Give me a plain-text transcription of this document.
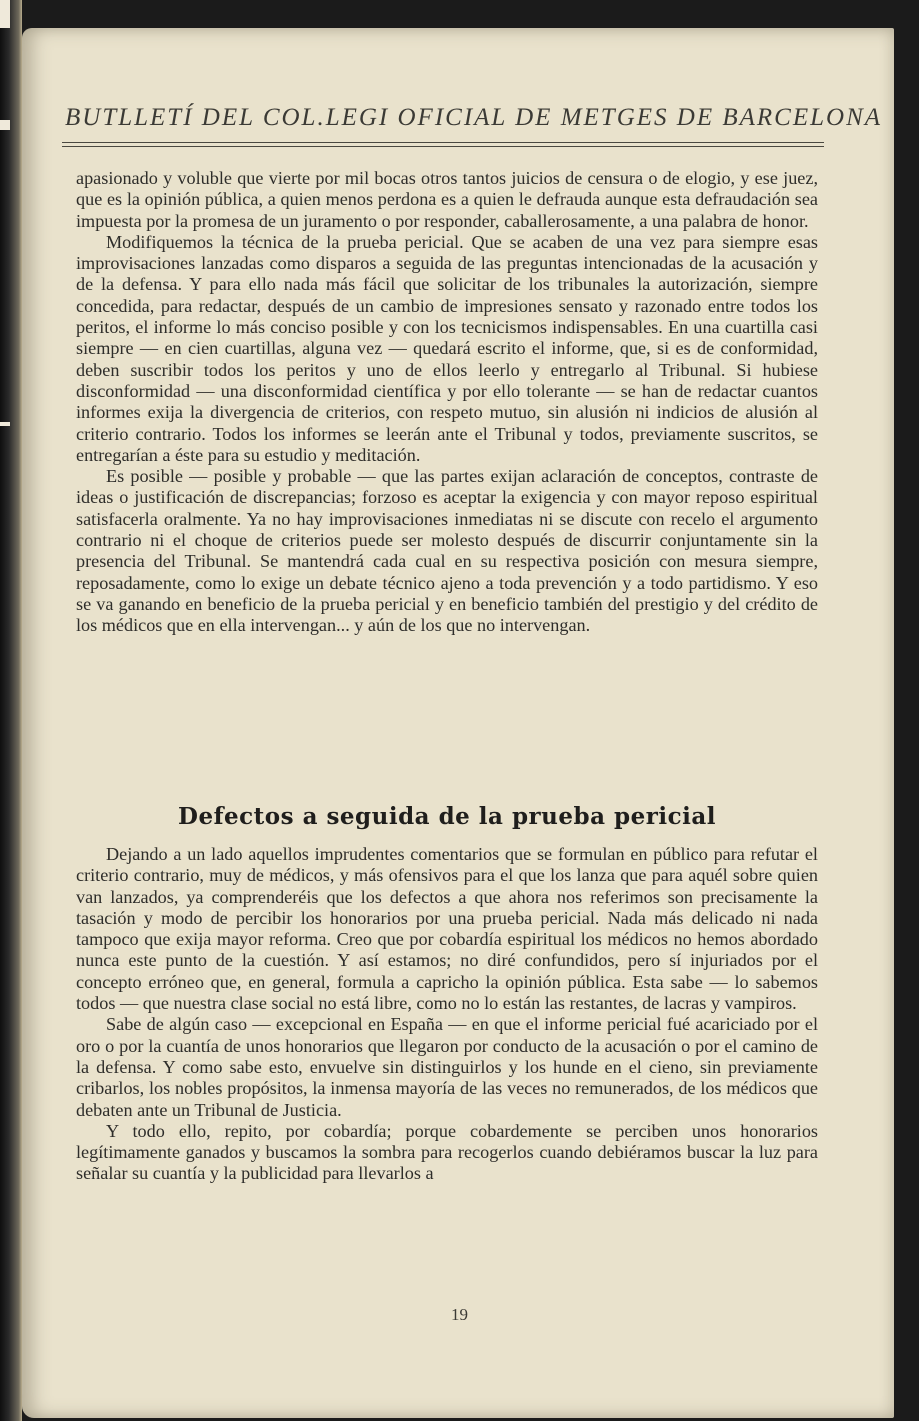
BUTLLETÍ DEL COL.LEGI OFICIAL DE METGES DE BARCELONA

apasionado y voluble que vierte por mil bocas otros tantos juicios de censura o de elogio, y ese juez, que es la opinión pública, a quien menos perdona es a quien le defrauda aunque esta defraudación sea impuesta por la promesa de un juramento o por responder, caballerosamente, a una palabra de honor.

Modifiquemos la técnica de la prueba pericial. Que se acaben de una vez para siempre esas improvisaciones lanzadas como disparos a seguida de las preguntas intencionadas de la acusación y de la defensa. Y para ello nada más fácil que solicitar de los tribunales la autorización, siempre concedida, para redactar, después de un cambio de impresiones sensato y razonado entre todos los peritos, el informe lo más conciso posible y con los tecnicismos indispensables. En una cuartilla casi siempre — en cien cuartillas, alguna vez — quedará escrito el informe, que, si es de conformidad, deben suscribir todos los peritos y uno de ellos leerlo y entregarlo al Tribunal. Si hubiese disconformidad — una disconformidad científica y por ello tolerante — se han de redactar cuantos informes exija la divergencia de criterios, con respeto mutuo, sin alusión ni indicios de alusión al criterio contrario. Todos los informes se leerán ante el Tribunal y todos, previamente suscritos, se entregarían a éste para su estudio y meditación.

Es posible — posible y probable — que las partes exijan aclaración de conceptos, contraste de ideas o justificación de discrepancias; forzoso es aceptar la exigencia y con mayor reposo espiritual satisfacerla oralmente. Ya no hay improvisaciones inmediatas ni se discute con recelo el argumento contrario ni el choque de criterios puede ser molesto después de discurrir conjuntamente sin la presencia del Tribunal. Se mantendrá cada cual en su respectiva posición con mesura siempre, reposadamente, como lo exige un debate técnico ajeno a toda prevención y a todo partidismo. Y eso se va ganando en beneficio de la prueba pericial y en beneficio también del prestigio y del crédito de los médicos que en ella intervengan... y aún de los que no intervengan.

Defectos a seguida de la prueba pericial

Dejando a un lado aquellos imprudentes comentarios que se formulan en público para refutar el criterio contrario, muy de médicos, y más ofensivos para el que los lanza que para aquél sobre quien van lanzados, ya comprenderéis que los defectos a que ahora nos referimos son precisamente la tasación y modo de percibir los honorarios por una prueba pericial. Nada más delicado ni nada tampoco que exija mayor reforma. Creo que por cobardía espiritual los médicos no hemos abordado nunca este punto de la cuestión. Y así estamos; no diré confundidos, pero sí injuriados por el concepto erróneo que, en general, formula a capricho la opinión pública. Esta sabe — lo sabemos todos — que nuestra clase social no está libre, como no lo están las restantes, de lacras y vampiros.

Sabe de algún caso — excepcional en España — en que el informe pericial fué acariciado por el oro o por la cuantía de unos honorarios que llegaron por conducto de la acusación o por el camino de la defensa. Y como sabe esto, envuelve sin distinguirlos y los hunde en el cieno, sin previamente cribarlos, los nobles propósitos, la inmensa mayoría de las veces no remunerados, de los médicos que debaten ante un Tribunal de Justicia.

Y todo ello, repito, por cobardía; porque cobardemente se perciben unos honorarios legítimamente ganados y buscamos la sombra para recogerlos cuando debiéramos buscar la luz para señalar su cuantía y la publicidad para llevarlos a

19
